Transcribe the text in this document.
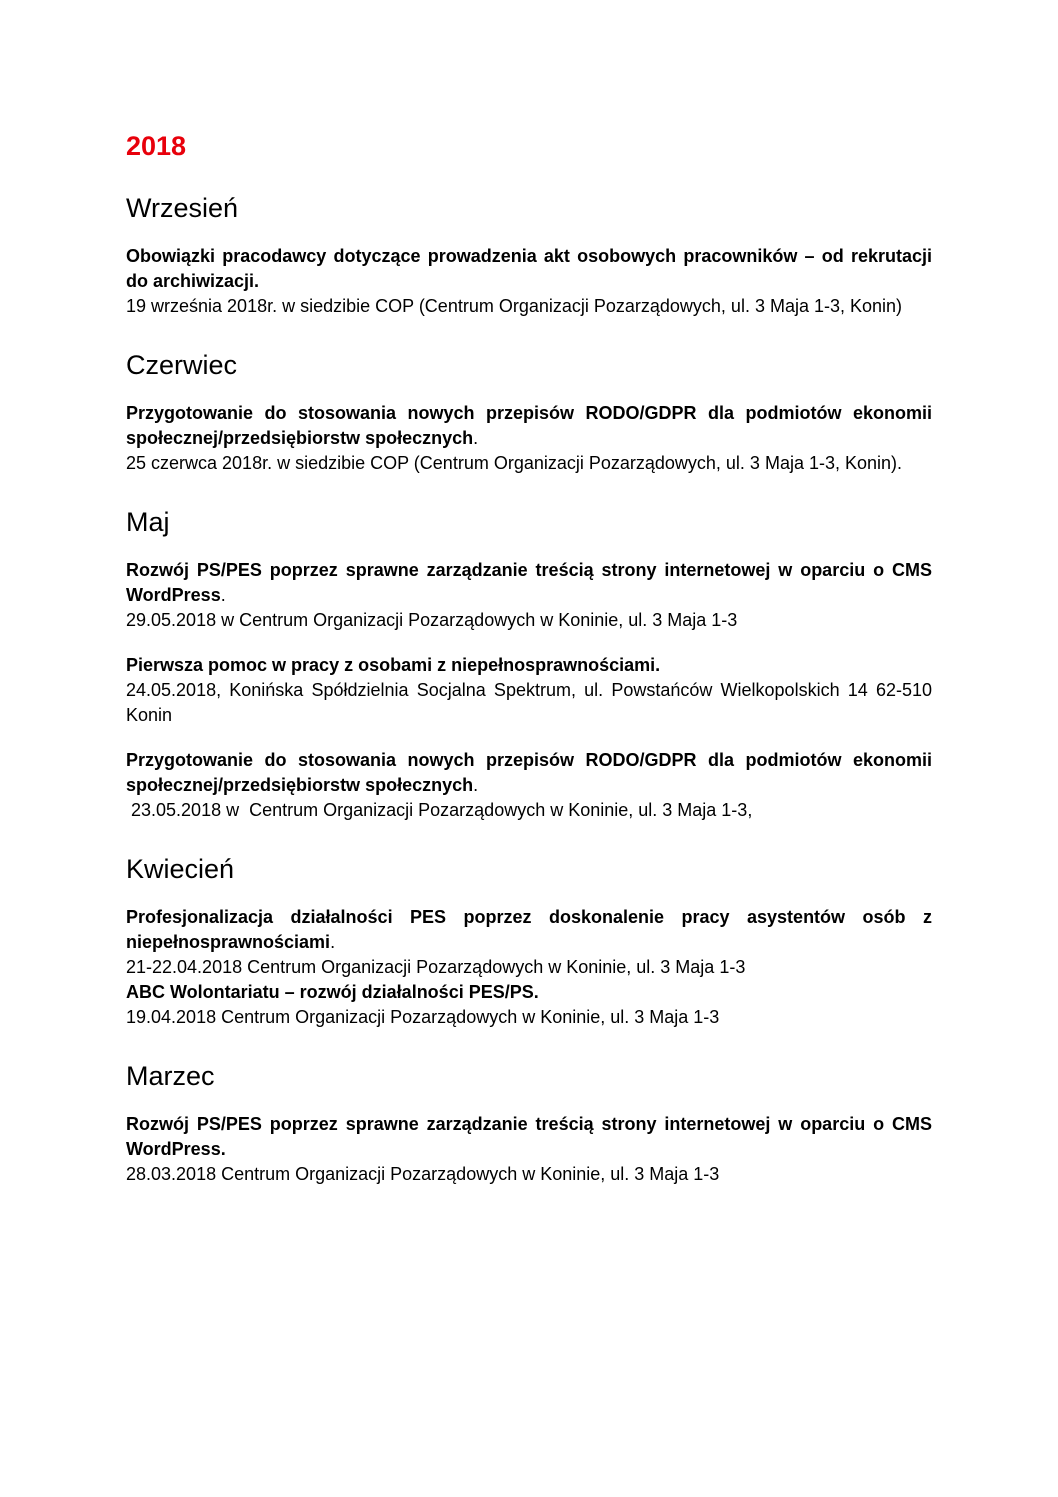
2018
Wrzesień
Obowiązki pracodawcy dotyczące prowadzenia akt osobowych pracowników – od rekrutacji do archiwizacji.
19 września 2018r. w siedzibie COP (Centrum Organizacji Pozarządowych, ul. 3 Maja 1-3, Konin)
Czerwiec
Przygotowanie do stosowania nowych przepisów RODO/GDPR dla podmiotów ekonomii społecznej/przedsiębiorstw społecznych.
25 czerwca 2018r. w siedzibie COP (Centrum Organizacji Pozarządowych, ul. 3 Maja 1-3, Konin).
Maj
Rozwój PS/PES poprzez sprawne zarządzanie treścią strony internetowej w oparciu o CMS WordPress.
29.05.2018 w Centrum Organizacji Pozarządowych w Koninie, ul. 3 Maja 1-3
Pierwsza pomoc w pracy z osobami z niepełnosprawnościami.
24.05.2018, Konińska Spółdzielnia Socjalna Spektrum, ul. Powstańców Wielkopolskich 14 62-510 Konin
Przygotowanie do stosowania nowych przepisów RODO/GDPR dla podmiotów ekonomii społecznej/przedsiębiorstw społecznych.
23.05.2018 w  Centrum Organizacji Pozarządowych w Koninie, ul. 3 Maja 1-3,
Kwiecień
Profesjonalizacja działalności PES poprzez doskonalenie pracy asystentów osób z niepełnosprawnościami.
21-22.04.2018 Centrum Organizacji Pozarządowych w Koninie, ul. 3 Maja 1-3
ABC Wolontariatu – rozwój działalności PES/PS.
19.04.2018 Centrum Organizacji Pozarządowych w Koninie, ul. 3 Maja 1-3
Marzec
Rozwój PS/PES poprzez sprawne zarządzanie treścią strony internetowej w oparciu o CMS WordPress.
28.03.2018 Centrum Organizacji Pozarządowych w Koninie, ul. 3 Maja 1-3
